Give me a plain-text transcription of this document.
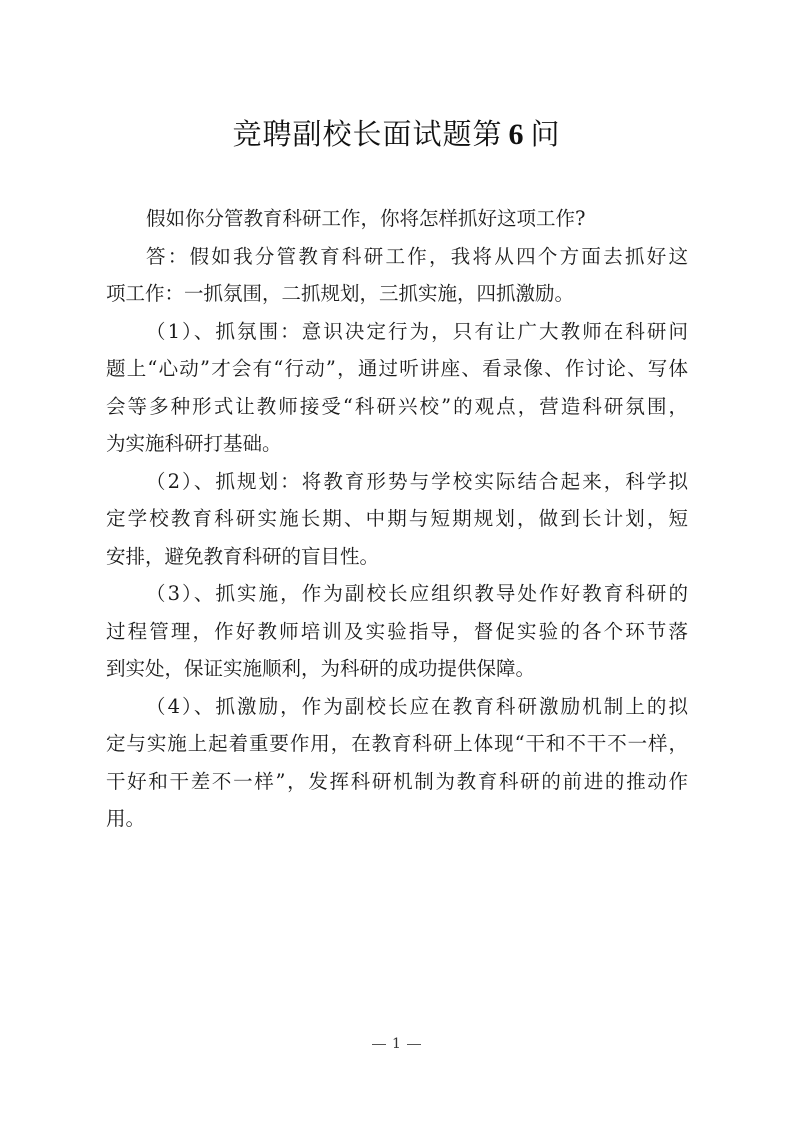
竞聘副校长面试题第 6 问
假如你分管教育科研工作，你将怎样抓好这项工作?
答：假如我分管教育科研工作，我将从四个方面去抓好这
项工作：一抓氛围，二抓规划，三抓实施，四抓激励。
（1）、抓氛围：意识决定行为，只有让广大教师在科研问
题上“心动”才会有“行动”，通过听讲座、看录像、作讨论、写体
会等多种形式让教师接受“科研兴校”的观点，营造科研氛围，
为实施科研打基础。
（2）、抓规划：将教育形势与学校实际结合起来，科学拟
定学校教育科研实施长期、中期与短期规划，做到长计划，短
安排，避免教育科研的盲目性。
（3）、抓实施，作为副校长应组织教导处作好教育科研的
过程管理，作好教师培训及实验指导，督促实验的各个环节落
到实处，保证实施顺利，为科研的成功提供保障。
（4）、抓激励，作为副校长应在教育科研激励机制上的拟
定与实施上起着重要作用，在教育科研上体现“干和不干不一样，
干好和干差不一样”，发挥科研机制为教育科研的前进的推动作
用。
1
